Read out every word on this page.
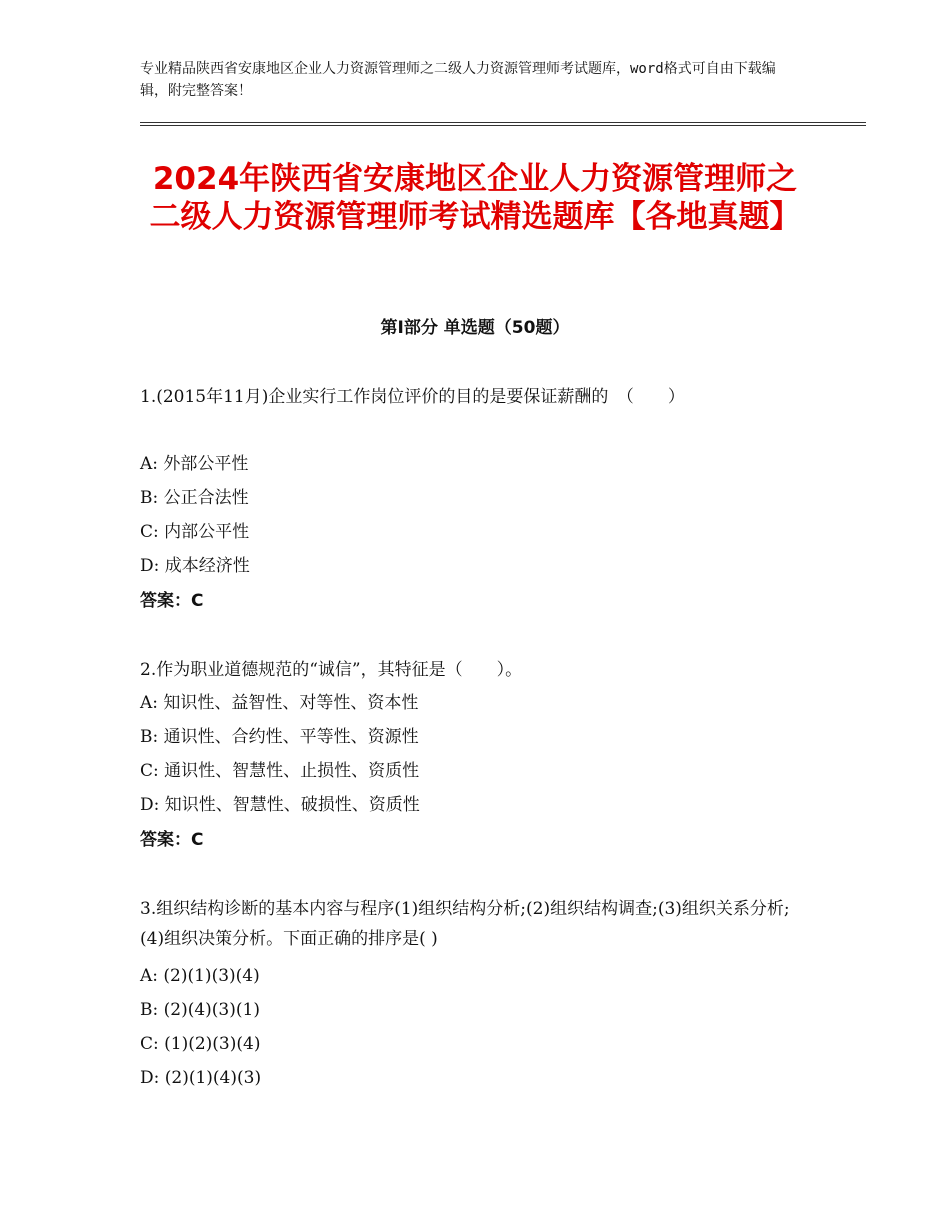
专业精品陕西省安康地区企业人力资源管理师之二级人力资源管理师考试题库，word格式可自由下载编辑，附完整答案！
2024年陕西省安康地区企业人力资源管理师之二级人力资源管理师考试精选题库【各地真题】
第Ⅰ部分 单选题（50题）
1.(2015年11月)企业实行工作岗位评价的目的是要保证薪酬的　（　　）
A: 外部公平性
B: 公正合法性
C: 内部公平性
D: 成本经济性
答案：C
2.作为职业道德规范的“诚信”，其特征是（　　）。
A: 知识性、益智性、对等性、资本性
B: 通识性、合约性、平等性、资源性
C: 通识性、智慧性、止损性、资质性
D: 知识性、智慧性、破损性、资质性
答案：C
3.组织结构诊断的基本内容与程序(1)组织结构分析;(2)组织结构调查;(3)组织关系分析;(4)组织决策分析。下面正确的排序是( )
A: (2)(1)(3)(4)
B: (2)(4)(3)(1)
C: (1)(2)(3)(4)
D: (2)(1)(4)(3)
